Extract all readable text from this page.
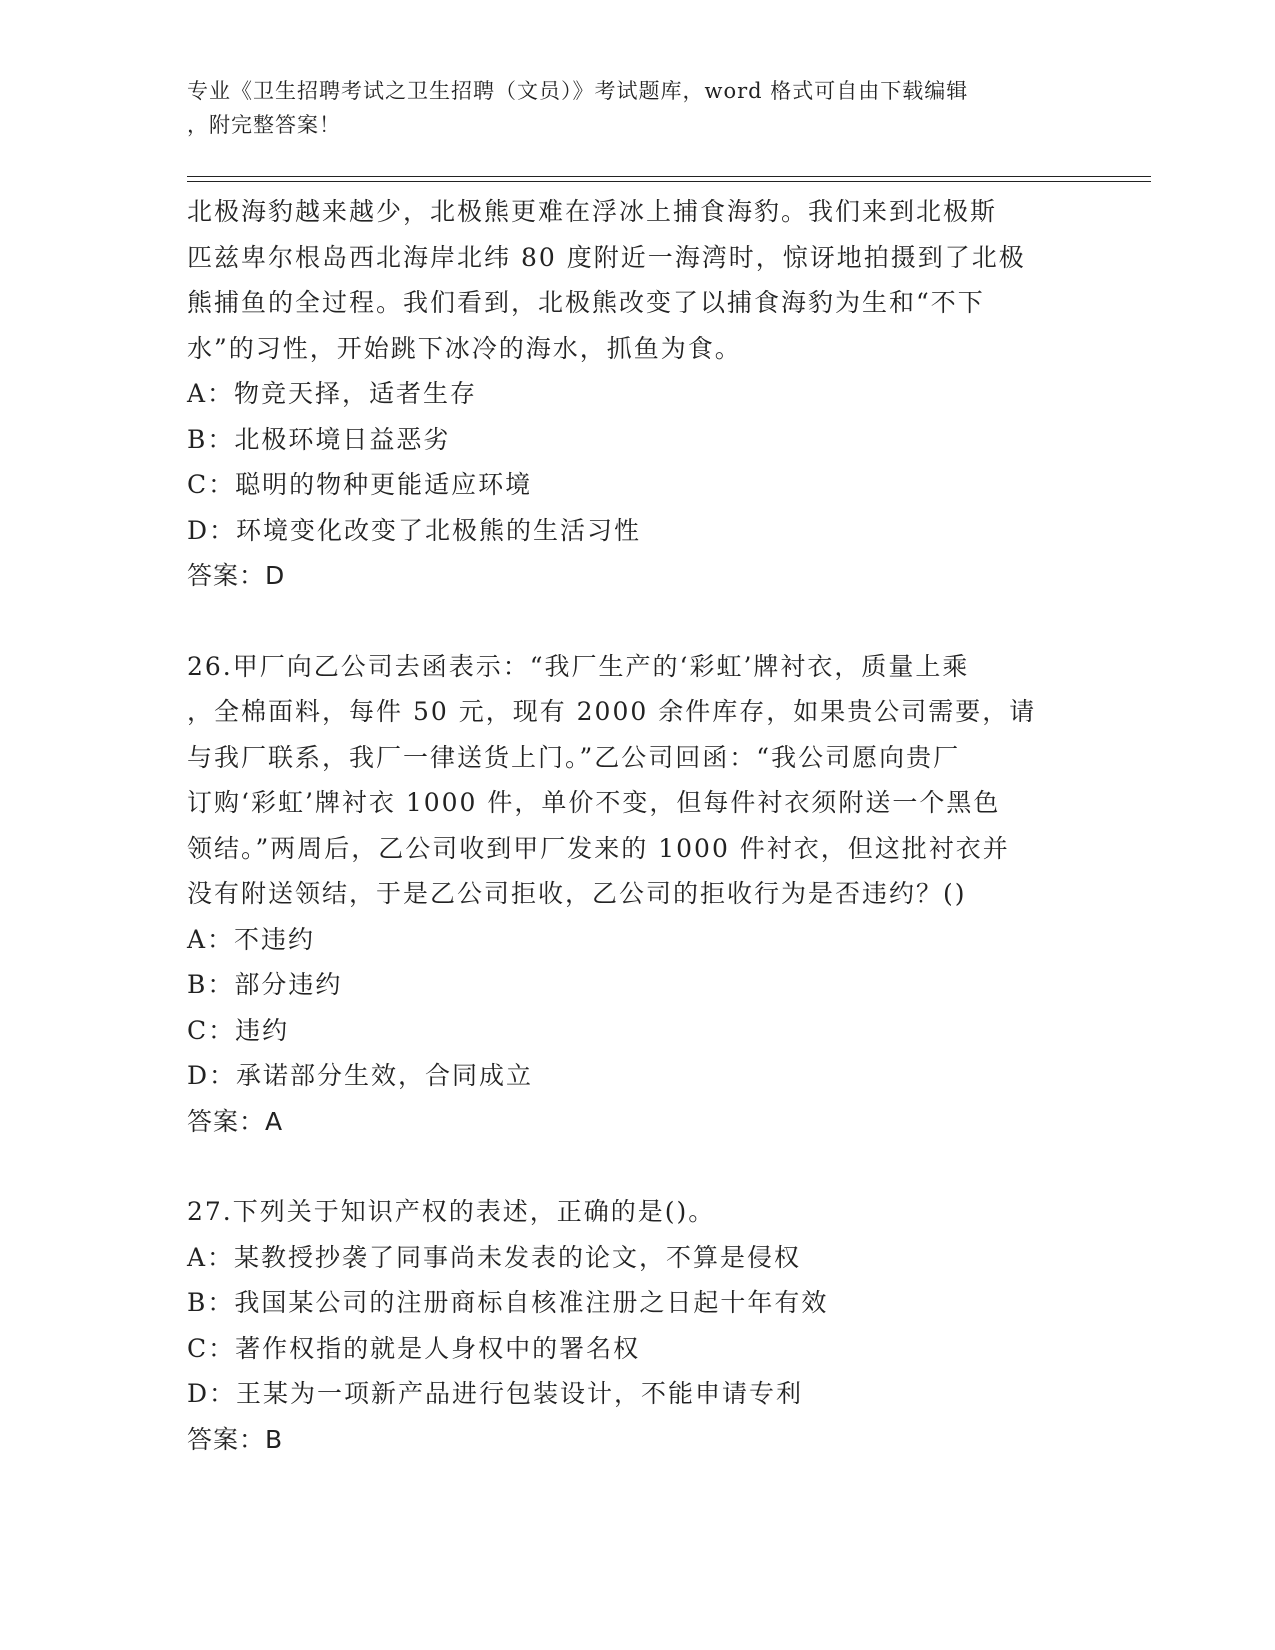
专业《卫生招聘考试之卫生招聘（文员）》考试题库，word 格式可自由下载编辑
，附完整答案！

北极海豹越来越少，北极熊更难在浮冰上捕食海豹。我们来到北极斯

匹兹卑尔根岛西北海岸北纬 80 度附近一海湾时，惊讶地拍摄到了北极

熊捕鱼的全过程。我们看到，北极熊改变了以捕食海豹为生和“不下

水”的习性，开始跳下冰冷的海水，抓鱼为食。

A：物竞天择，适者生存

B：北极环境日益恶劣

C：聪明的物种更能适应环境

D：环境变化改变了北极熊的生活习性

答案：D

26.甲厂向乙公司去函表示：“我厂生产的‘彩虹’牌衬衣，质量上乘

，全棉面料，每件 50 元，现有 2000 余件库存，如果贵公司需要，请

与我厂联系，我厂一律送货上门。”乙公司回函：“我公司愿向贵厂

订购‘彩虹’牌衬衣 1000 件，单价不变，但每件衬衣须附送一个黑色

领结。”两周后，乙公司收到甲厂发来的 1000 件衬衣，但这批衬衣并

没有附送领结，于是乙公司拒收，乙公司的拒收行为是否违约？()

A：不违约

B：部分违约

C：违约

D：承诺部分生效，合同成立

答案：A

27.下列关于知识产权的表述，正确的是()。

A：某教授抄袭了同事尚未发表的论文，不算是侵权

B：我国某公司的注册商标自核准注册之日起十年有效

C：著作权指的就是人身权中的署名权

D：王某为一项新产品进行包装设计，不能申请专利

答案：B
